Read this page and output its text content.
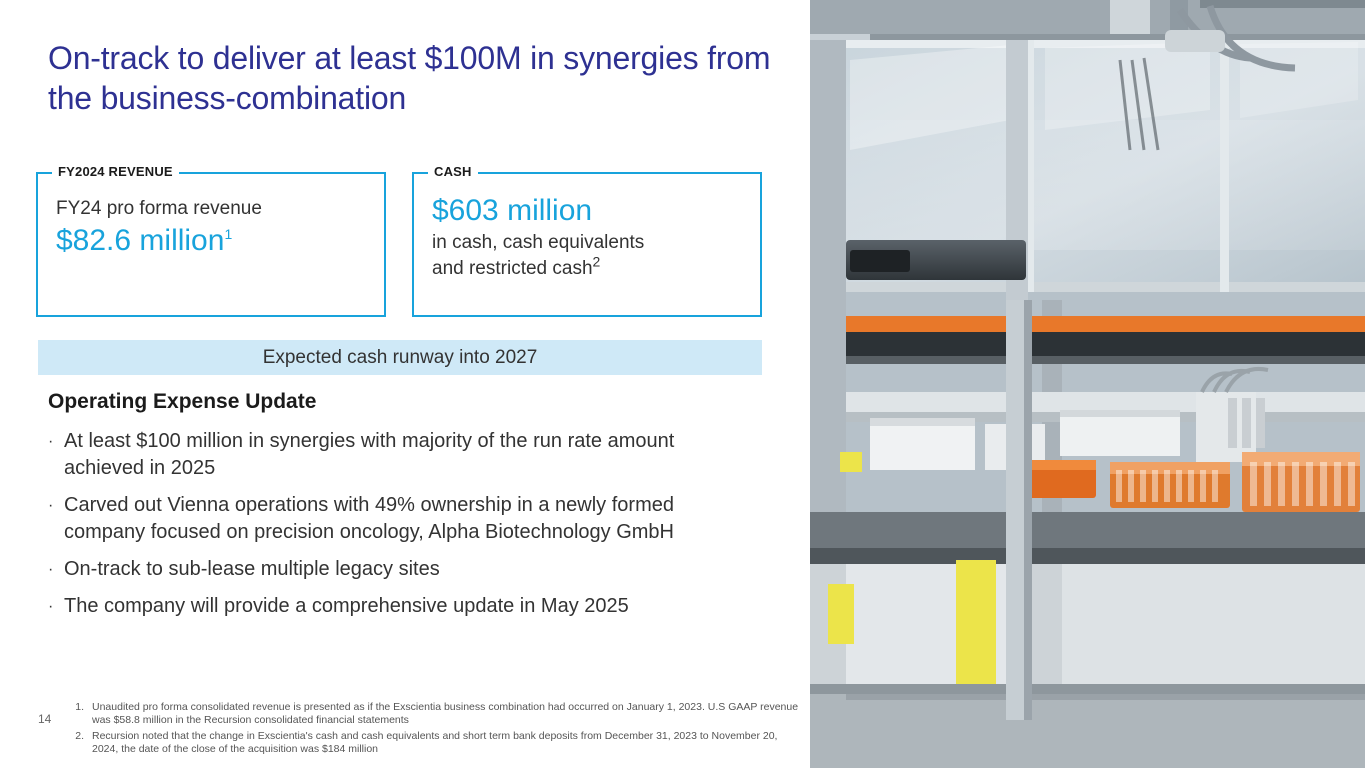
On-track to deliver at least $100M in synergies from the business-combination
FY2024 REVENUE
FY24 pro forma revenue
$82.6 million$^1$
CASH
$603 million
in cash, cash equivalents
and restricted cash$^2$
Expected cash runway into 2027
Operating Expense Update
· At least $100 million in synergies with majority of the run rate amount achieved in 2025
· Carved out Vienna operations with 49% ownership in a newly formed company focused on precision oncology, Alpha Biotechnology GmbH
· On-track to sub-lease multiple legacy sites
· The company will provide a comprehensive update in May 2025
14
1. Unaudited pro forma consolidated revenue is presented as if the Exscientia business combination had occurred on January 1, 2023. U.S GAAP revenue was $58.8 million in the Recursion consolidated financial statements
2. Recursion noted that the change in Exscientia's cash and cash equivalents and short term bank deposits from December 31, 2023 to November 20, 2024, the date of the close of the acquisition was $184 million
